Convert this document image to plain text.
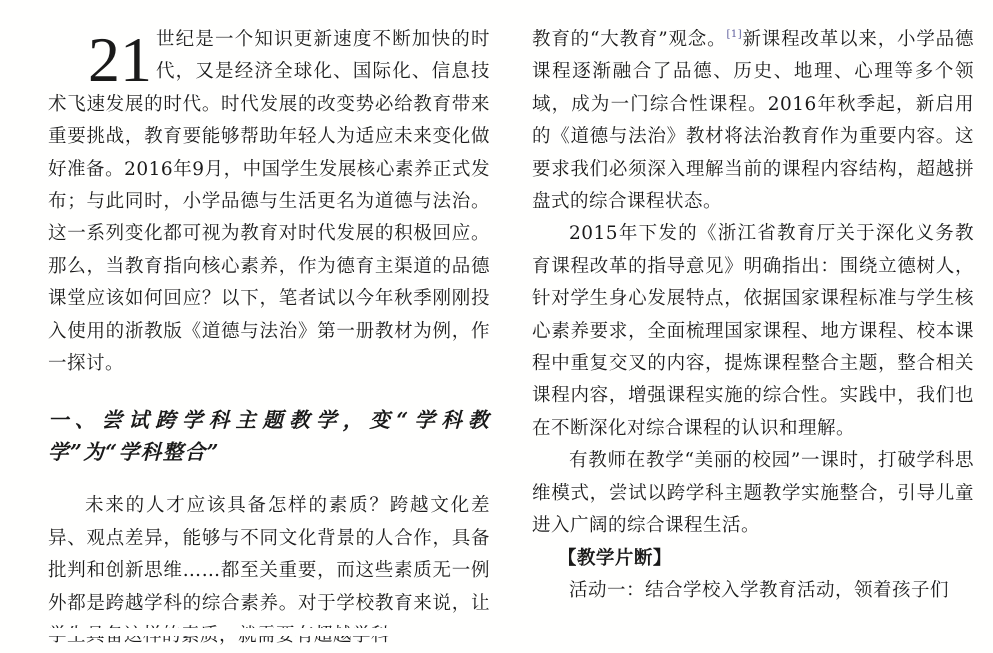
21 世纪是一个知识更新速度不断加快的时代，又是经济全球化、国际化、信息技术飞速发展的时代。时代发展的改变势必给教育带来重要挑战，教育要能够帮助年轻人为适应未来变化做好准备。2016年9月，中国学生发展核心素养正式发布；与此同时，小学品德与生活更名为道德与法治。这一系列变化都可视为教育对时代发展的积极回应。那么，当教育指向核心素养，作为德育主渠道的品德课堂应该如何回应？以下，笔者试以今年秋季刚刚投入使用的浙教版《道德与法治》第一册教材为例，作一探讨。

一、尝试跨学科主题教学，变“学科教学”为“学科整合”

未来的人才应该具备怎样的素质？跨越文化差异、观点差异，能够与不同文化背景的人合作，具备批判和创新思维……都至关重要，而这些素质无一例外都是跨越学科的综合素养。对于学校教育来说，让

教育的“大教育”观念。[1]新课程改革以来，小学品德课程逐渐融合了品德、历史、地理、心理等多个领域，成为一门综合性课程。2016年秋季起，新启用的《道德与法治》教材将法治教育作为重要内容。这要求我们必须深入理解当前的课程内容结构，超越拼盘式的综合课程状态。

2015年下发的《浙江省教育厅关于深化义务教育课程改革的指导意见》明确指出：围绕立德树人，针对学生身心发展特点，依据国家课程标准与学生核心素养要求，全面梳理国家课程、地方课程、校本课程中重复交叉的内容，提炼课程整合主题，整合相关课程内容，增强课程实施的综合性。实践中，我们也在不断深化对综合课程的认识和理解。

有教师在教学“美丽的校园”一课时，打破学科思维模式，尝试以跨学科主题教学实施整合，引导儿童进入广阔的综合课程生活。

【教学片断】

活动一：结合学校入学教育活动，领着孩子们
